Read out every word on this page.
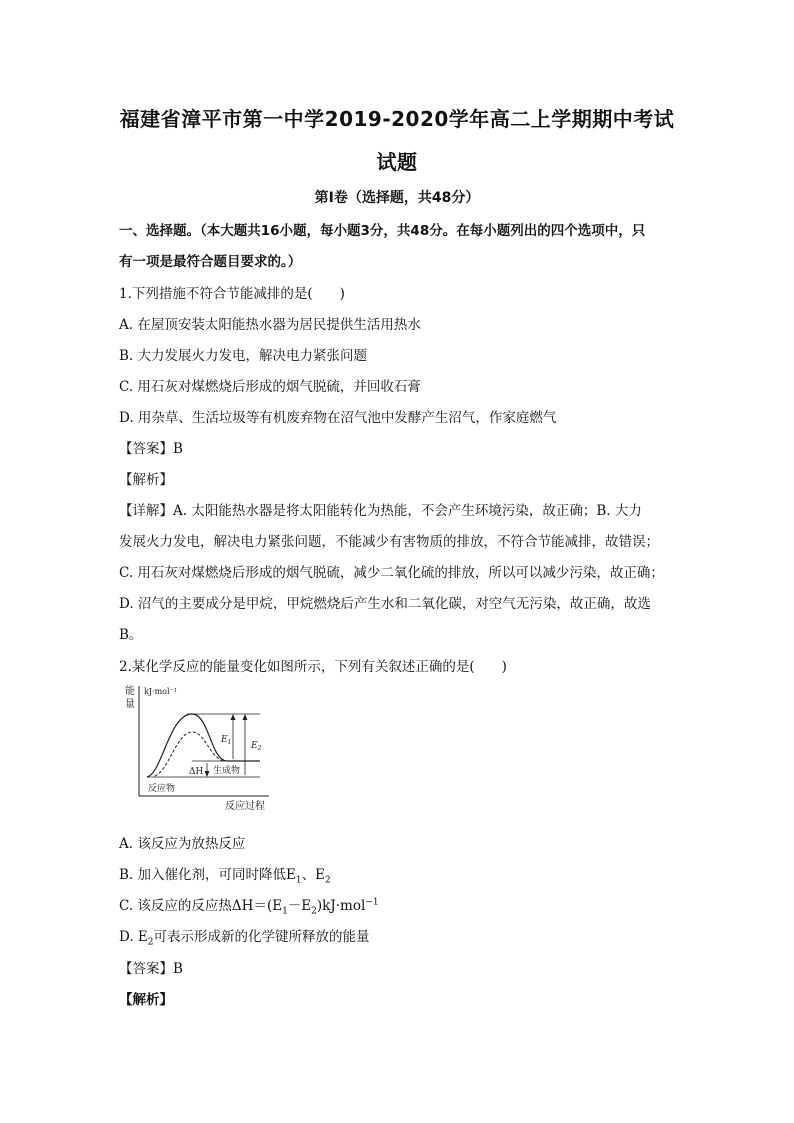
福建省漳平市第一中学2019-2020学年高二上学期期中考试
试题
第Ⅰ卷（选择题，共48分）
一、选择题。（本大题共16小题，每小题3分，共48分。在每小题列出的四个选项中，只
有一项是最符合题目要求的。）
1.下列措施不符合节能减排的是(　　)
A. 在屋顶安装太阳能热水器为居民提供生活用热水
B. 大力发展火力发电，解决电力紧张问题
C. 用石灰对煤燃烧后形成的烟气脱硫，并回收石膏
D. 用杂草、生活垃圾等有机废弃物在沼气池中发酵产生沼气，作家庭燃气
【答案】B
【解析】
【详解】A. 太阳能热水器是将太阳能转化为热能，不会产生环境污染，故正确；B. 大力
发展火力发电，解决电力紧张问题，不能减少有害物质的排放，不符合节能减排，故错误；
C. 用石灰对煤燃烧后形成的烟气脱硫，减少二氧化硫的排放，所以可以减少污染，故正确；
D. 沼气的主要成分是甲烷，甲烷燃烧后产生水和二氧化碳，对空气无污染，故正确，故选
B。
2.某化学反应的能量变化如图所示，下列有关叙述正确的是(　　)
能
量
kJ·mol⁻¹
$E_1$ $E_2$
ΔH 生成物
反应物
反应过程
A. 该反应为放热反应
B. 加入催化剂，可同时降低$E_1$、$E_2$
C. 该反应的反应热$\Delta H=(E_1-E_2)kJ\cdot mol^{-1}$
D. $E_2$可表示形成新的化学键所释放的能量
【答案】B
【解析】
